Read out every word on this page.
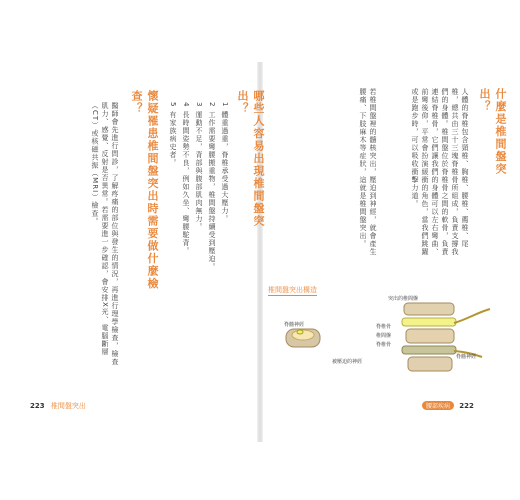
什麼是椎間盤突出？
人體的脊椎包含頸椎、胸椎、腰椎、薦椎、尾椎，總共由三十三塊脊椎骨所組成，負責支撐我們的身體。椎間盤位於脊椎骨之間的軟骨，負責連結脊椎骨，它們讓我們的身體可以左右彎曲、前彎後仰，平常會扮演緩衝的角色，當我們跳躍或是跑步時，可以吸收衝擊力道。
若椎間盤裡的髓核突出，壓迫到神經，就會產生腰痛、下肢麻木等症狀，這就是椎間盤突出。
椎間盤突出構造
脊髓神經
突出的椎間盤
脊椎骨
椎間盤
脊椎骨
被壓迫的神經
脊髓神經
腰部疾病 222
哪些人容易出現椎間盤突出？
1 體重過重，脊椎承受過大壓力。
2 工作需要彎腰搬重物，椎間盤持續受到壓迫。
3 運動不足，背部與腹部肌肉無力。
4 長時間姿勢不良，例如久坐、彎腰駝背。
5 有家族病史者。
懷疑罹患椎間盤突出時需要做什麼檢查？
醫師會先進行問診，了解疼痛的部位與發生的情況，再進行理學檢查，檢查肌力、感覺、反射是否異常。若需要進一步確認，會安排X光、電腦斷層（CT）或核磁共振（MRI）檢查。
223 椎間盤突出
